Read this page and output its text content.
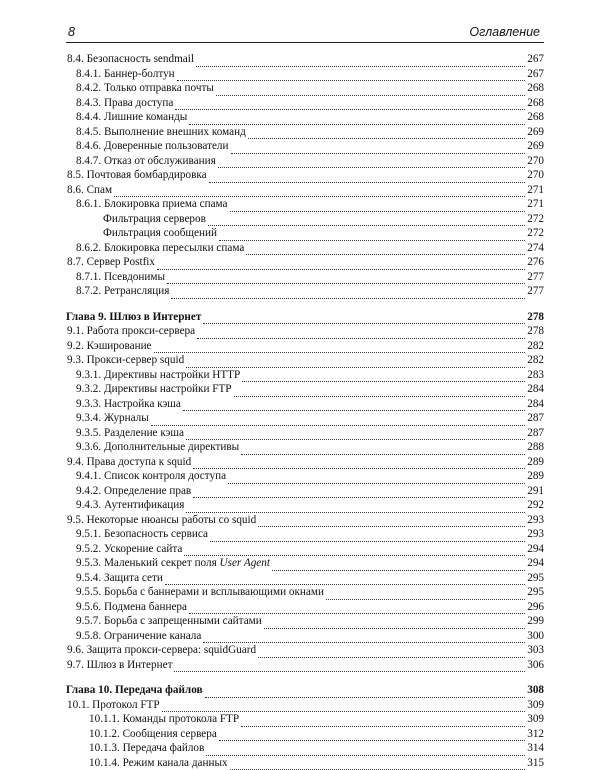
8	Оглавление
8.4. Безопасность sendmail	267
8.4.1. Баннер-болтун	267
8.4.2. Только отправка почты	268
8.4.3. Права доступа	268
8.4.4. Лишние команды	268
8.4.5. Выполнение внешних команд	269
8.4.6. Доверенные пользователи	269
8.4.7. Отказ от обслуживания	270
8.5. Почтовая бомбардировка	270
8.6. Спам	271
8.6.1. Блокировка приема спама	271
Фильтрация серверов	272
Фильтрация сообщений	272
8.6.2. Блокировка пересылки спама	274
8.7. Сервер Postfix	276
8.7.1. Псевдонимы	277
8.7.2. Ретрансляция	277
Глава 9. Шлюз в Интернет	278
9.1. Работа прокси-сервера	278
9.2. Кэширование	282
9.3. Прокси-сервер squid	282
9.3.1. Директивы настройки HTTP	283
9.3.2. Директивы настройки FTP	284
9.3.3. Настройка кэша	284
9.3.4. Журналы	287
9.3.5. Разделение кэша	287
9.3.6. Дополнительные директивы	288
9.4. Права доступа к squid	289
9.4.1. Список контроля доступа	289
9.4.2. Определение прав	291
9.4.3. Аутентификация	292
9.5. Некоторые нюансы работы со squid	293
9.5.1. Безопасность сервиса	293
9.5.2. Ускорение сайта	294
9.5.3. Маленький секрет поля User Agent	294
9.5.4. Защита сети	295
9.5.5. Борьба с баннерами и всплывающими окнами	295
9.5.6. Подмена баннера	296
9.5.7. Борьба с запрещенными сайтами	299
9.5.8. Ограничение канала	300
9.6. Защита прокси-сервера: squidGuard	303
9.7. Шлюз в Интернет	306
Глава 10. Передача файлов	308
10.1. Протокол FTP	309
10.1.1. Команды протокола FTP	309
10.1.2. Сообщения сервера	312
10.1.3. Передача файлов	314
10.1.4. Режим канала данных	315
